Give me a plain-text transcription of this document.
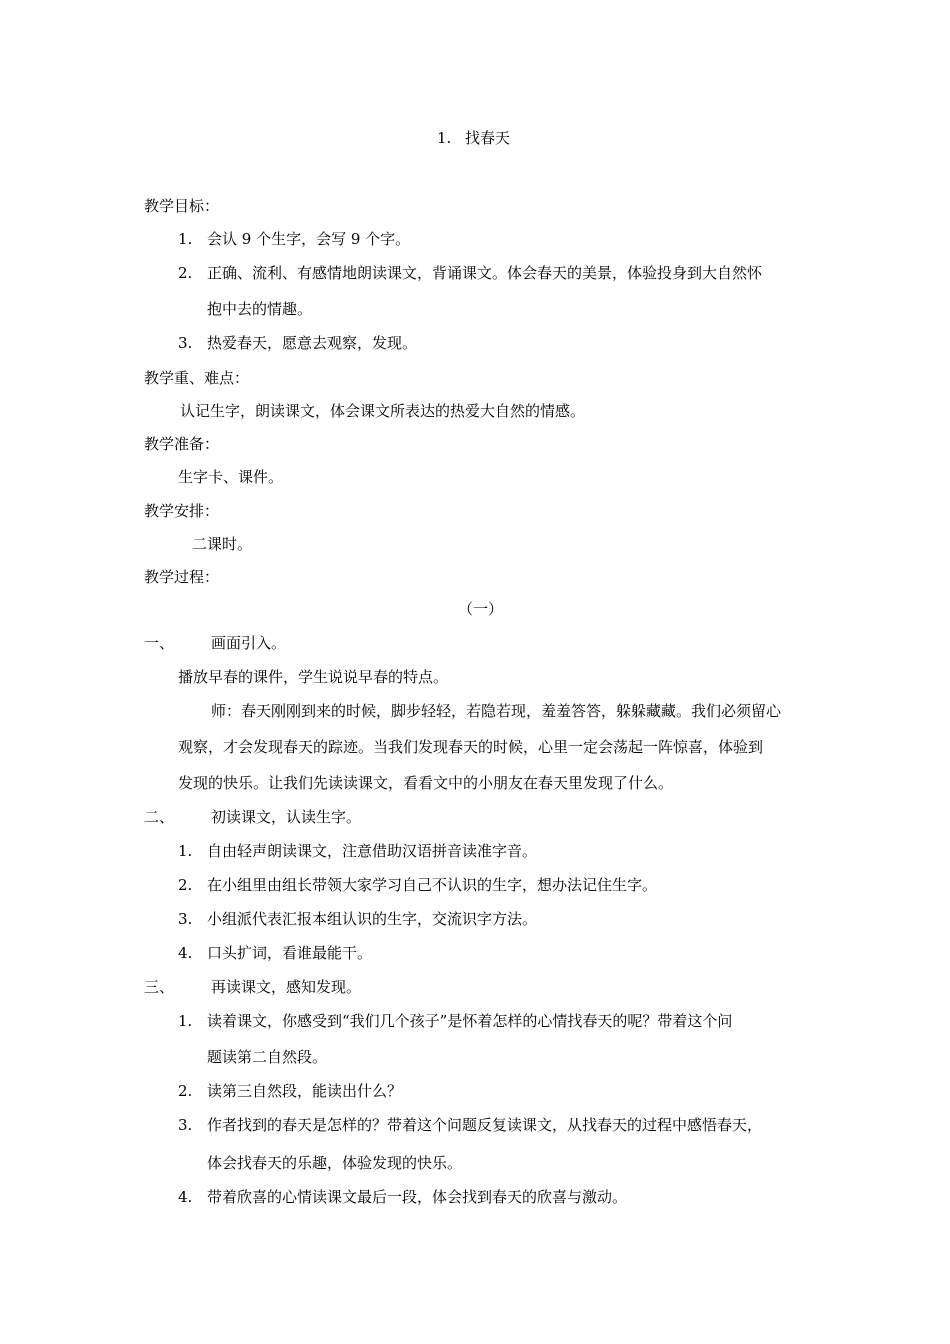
1. 找春天
教学目标：
1. 会认 9 个生字，会写 9 个字。
2. 正确、流利、有感情地朗读课文，背诵课文。体会春天的美景，体验投身到大自然怀
抱中去的情趣。
3. 热爱春天，愿意去观察，发现。
教学重、难点：
认记生字，朗读课文，体会课文所表达的热爱大自然的情感。
教学准备：
生字卡、课件。
教学安排：
二课时。
教学过程：
（一）
一、 画面引入。
播放早春的课件，学生说说早春的特点。
师：春天刚刚到来的时候，脚步轻轻，若隐若现，羞羞答答，躲躲藏藏。我们必须留心
观察，才会发现春天的踪迹。当我们发现春天的时候，心里一定会荡起一阵惊喜，体验到
发现的快乐。让我们先读读课文，看看文中的小朋友在春天里发现了什么。
二、 初读课文，认读生字。
1. 自由轻声朗读课文，注意借助汉语拼音读准字音。
2. 在小组里由组长带领大家学习自己不认识的生字，想办法记住生字。
3. 小组派代表汇报本组认识的生字，交流识字方法。
4. 口头扩词，看谁最能干。
三、 再读课文，感知发现。
1. 读着课文，你感受到“我们几个孩子”是怀着怎样的心情找春天的呢？带着这个问
题读第二自然段。
2. 读第三自然段，能读出什么？
3. 作者找到的春天是怎样的？带着这个问题反复读课文，从找春天的过程中感悟春天，
体会找春天的乐趣，体验发现的快乐。
4. 带着欣喜的心情读课文最后一段，体会找到春天的欣喜与激动。
